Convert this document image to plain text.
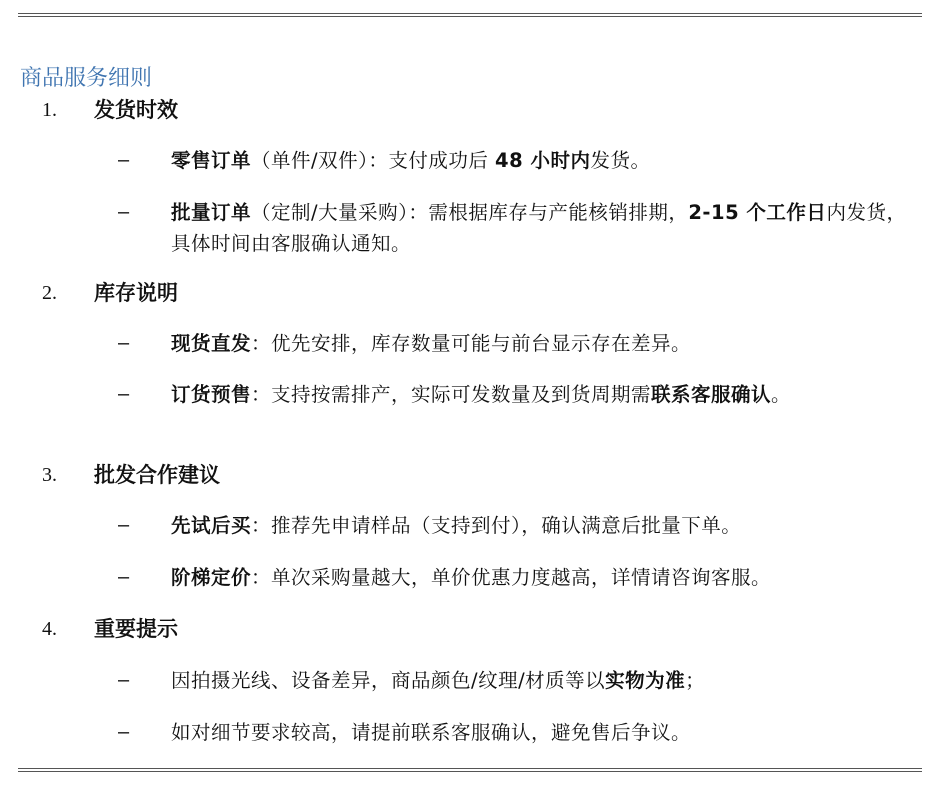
商品服务细则
1.	发货时效
–	零售订单（单件/双件）：支付成功后 48 小时内发货。
–	批量订单（定制/大量采购）：需根据库存与产能核销排期，2-15 个工作日内发货，具体时间由客服确认通知。
2.	库存说明
–	现货直发：优先安排，库存数量可能与前台显示存在差异。
–	订货预售：支持按需排产，实际可发数量及到货周期需联系客服确认。
3.	批发合作建议
–	先试后买：推荐先申请样品（支持到付），确认满意后批量下单。
–	阶梯定价：单次采购量越大，单价优惠力度越高，详情请咨询客服。
4.	重要提示
–	因拍摄光线、设备差异，商品颜色/纹理/材质等以实物为准；
–	如对细节要求较高，请提前联系客服确认，避免售后争议。
